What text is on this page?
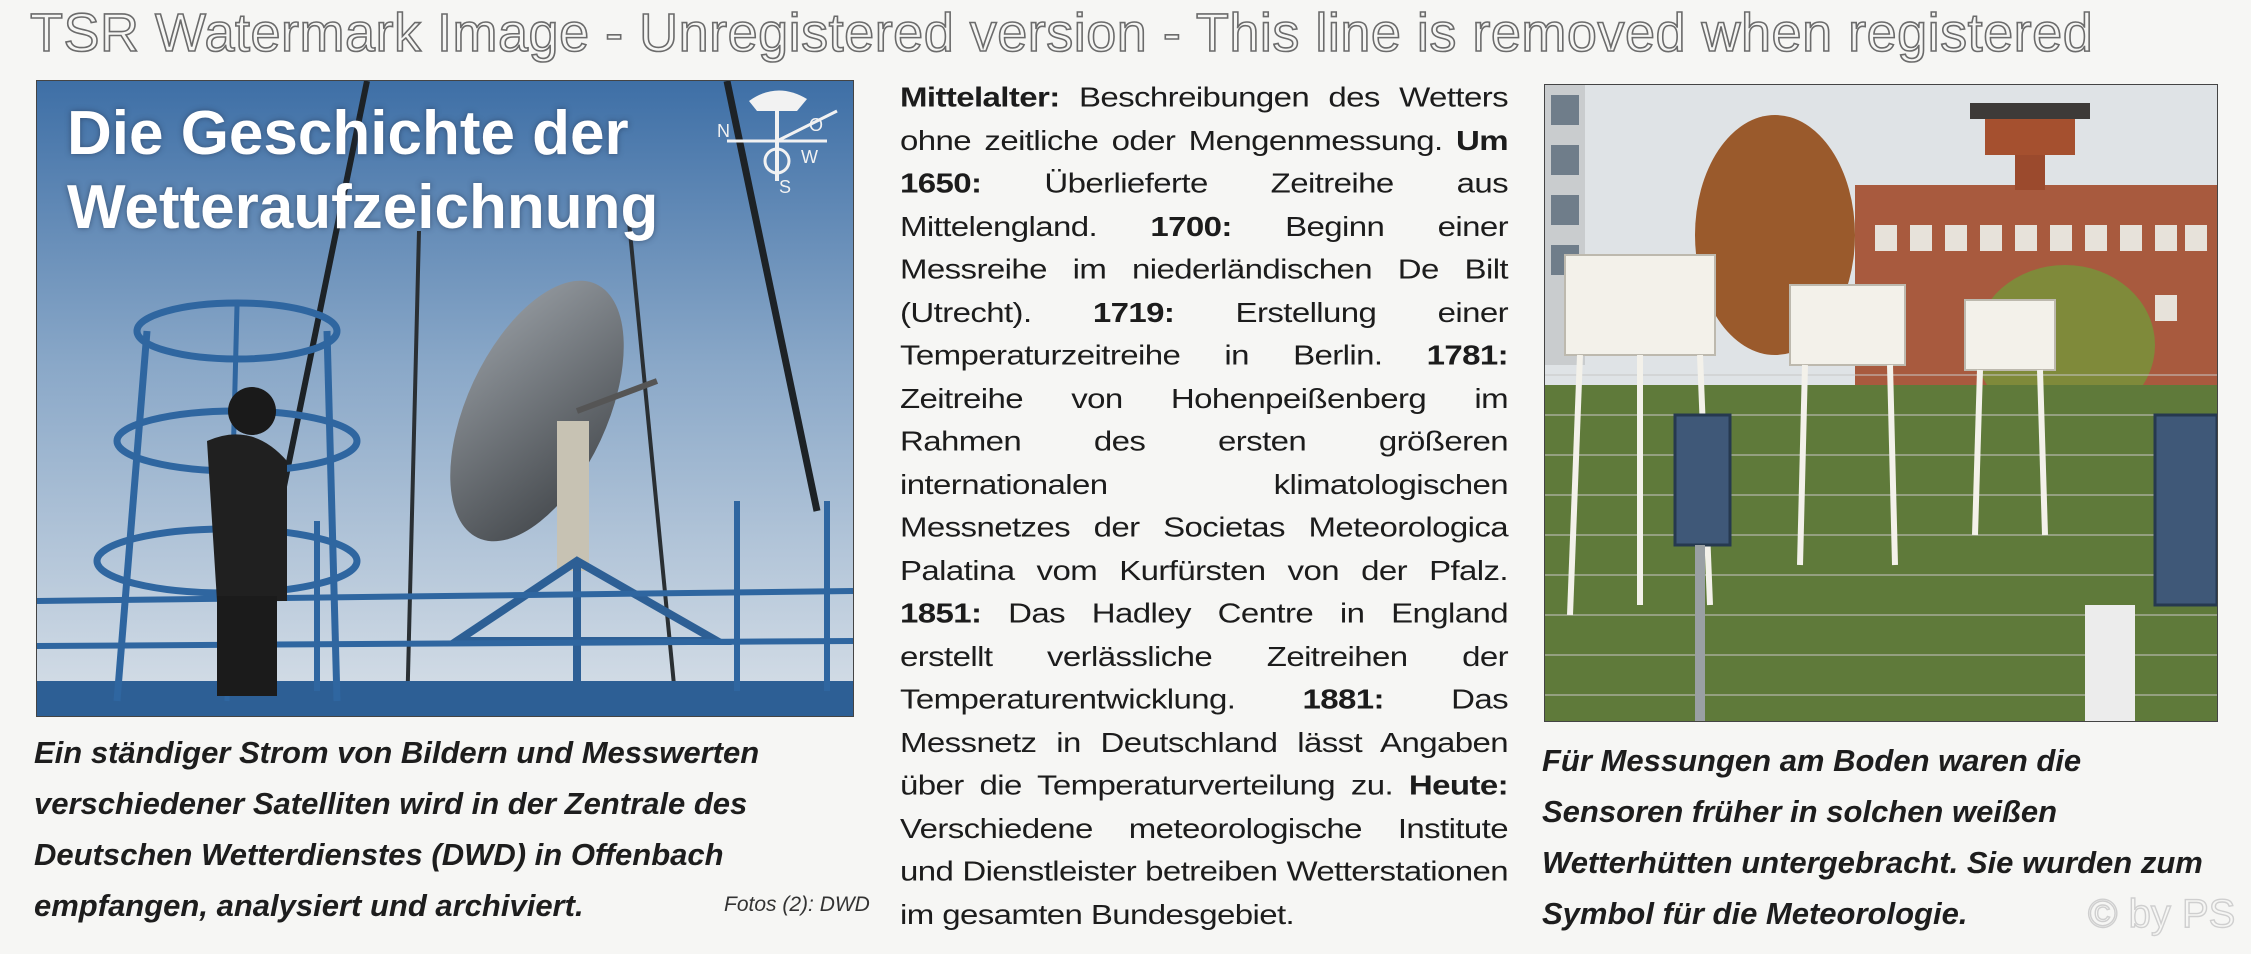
TSR Watermark Image - Unregistered version - This line is removed when registered
N	O
S
W
Die Geschichte der
Wetteraufzeichnung
Ein ständiger Strom von Bildern und Messwerten verschiedener Satelliten wird in der Zentrale des Deutschen Wetterdienstes (DWD) in Offenbach empfangen, analysiert und archiviert.	Fotos (2): DWD
Mittelalter: Beschreibungen des Wetters ohne zeitliche oder Mengenmessung. Um 1650: Überlieferte Zeitreihe aus Mittelengland. 1700: Beginn einer Messreihe im niederländischen De Bilt (Utrecht). 1719: Erstellung einer Temperaturzeitreihe in Berlin. 1781: Zeitreihe von Hohenpeißenberg im Rahmen des ersten größeren internationalen klimatologischen Messnetzes der Societas Meteorologica Palatina vom Kurfürsten von der Pfalz. 1851: Das Hadley Centre in England erstellt verlässliche Zeitreihen der Temperaturentwicklung. 1881: Das Messnetz in Deutschland lässt Angaben über die Temperaturverteilung zu. Heute: Verschiedene meteorologische Institute und Dienstleister betreiben Wetterstationen im gesamten Bundesgebiet.
Für Messungen am Boden waren die Sensoren früher in solchen weißen Wetterhütten untergebracht. Sie wurden zum Symbol für die Meteorologie.	© by PS
